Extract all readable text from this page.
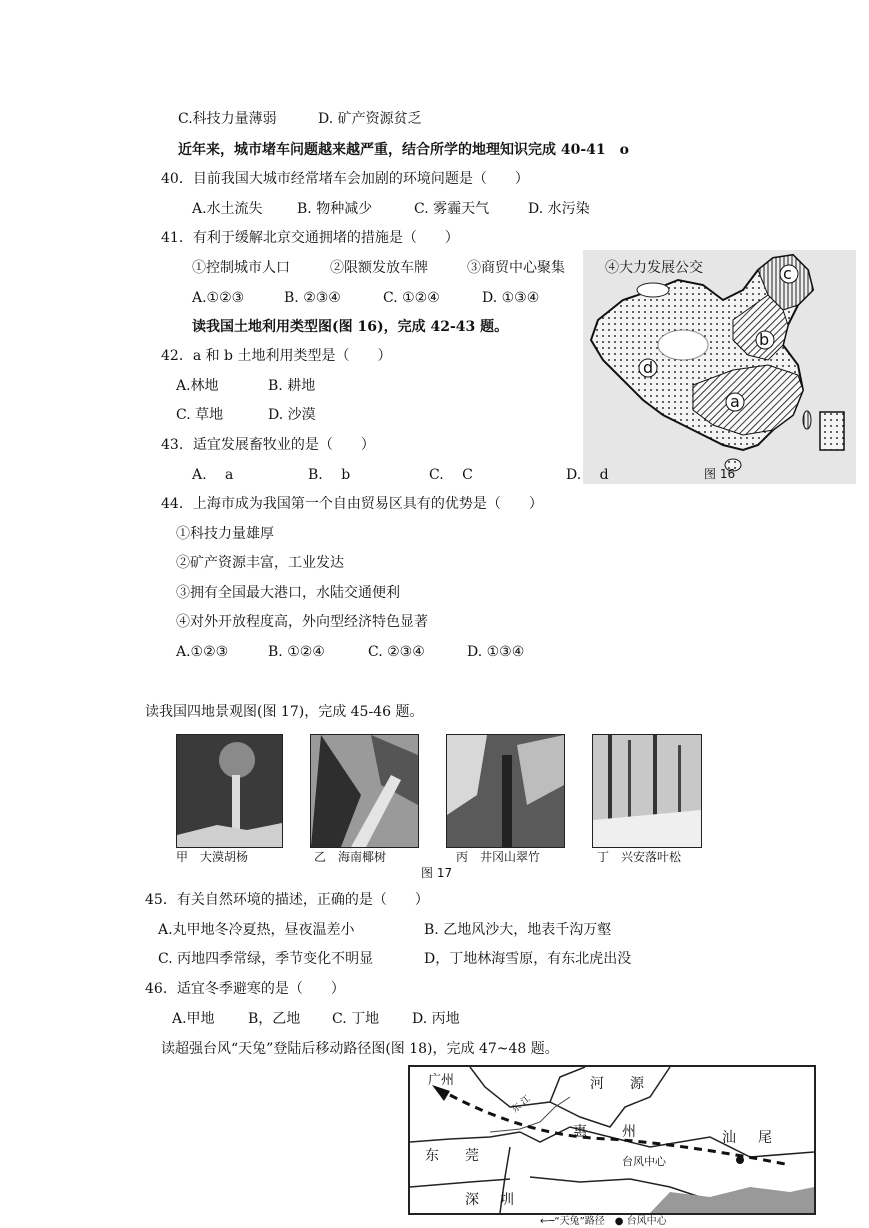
C.科技力量薄弱	D. 矿产资源贫乏
近年来，城市堵车问题越来越严重，结合所学的地理知识完成 40-41　o
40．目前我国大城市经常堵车会加剧的环境问题是（　　）
A.水土流失 B. 物种减少	C. 雾霾天气	D. 水污染
41．有利于缓解北京交通拥堵的措施是（　　）
①控制城市人口	②限额发放车牌	③商贸中心聚集	④大力发展公交
A.①②③	B. ②③④	C. ①②④	D. ①③④
读我国土地利用类型图(图 16)，完成 42-43 题。
42．a 和 b 土地利用类型是（　　）
A.林地	B. 耕地
C. 草地	D. 沙漠
43．适宜发展畜牧业的是（　　）
A.　 a	B.　 b	C.　 C	D.　 d
c
b
a
d
图 16
44．上海市成为我国第一个自由贸易区具有的优势是（　　）
①科技力量雄厚
②矿产资源丰富，工业发达
③拥有全国最大港口，水陆交通便利
④对外开放程度高，外向型经济特色显著
A.①②③	B. ①②④	C. ②③④	D. ①③④
读我国四地景观图(图 17)，完成 45-46 题。
甲　大漠胡杨	乙　海南椰树	丙　井冈山翠竹	丁　兴安落叶松
图 17
45．有关自然环境的描述，正确的是（　　）
A.丸甲地冬冷夏热，昼夜温差小	B. 乙地风沙大，地表千沟万壑
C. 丙地四季常绿，季节变化不明显	D，丁地林海雪原，有东北虎出没
46．适宜冬季避寒的是（　　）
A.甲地 B，乙地 C. 丁地 D. 丙地
读超强台风“天兔”登陆后移动路径图(图 18)，完成 47~48 题。
广州	河 源
惠	州	汕 尾
东 莞
深 圳
台风中心
东 江
←─“天兔”路径　● 台风中心
